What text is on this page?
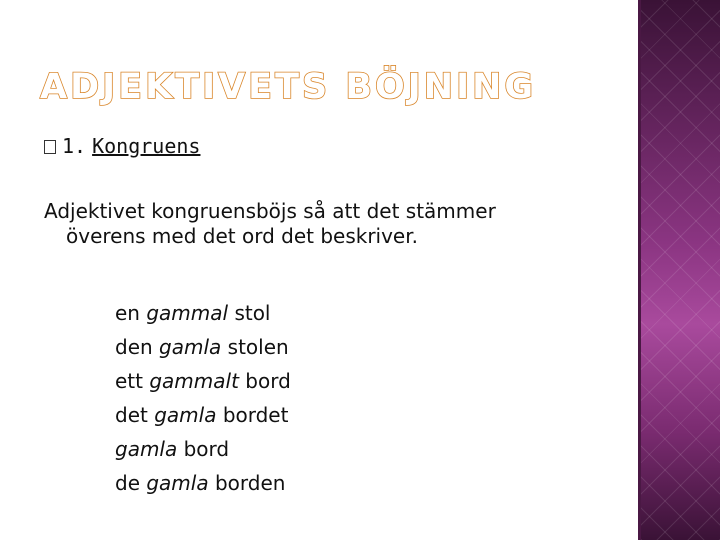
ADJEKTIVETS BÖJNING
1. Kongruens
Adjektivet kongruensböjs så att det stämmer
överens med det ord det beskriver.
en gammal stol
den gamla stolen
ett gammalt bord
det gamla bordet
gamla bord
de gamla borden
